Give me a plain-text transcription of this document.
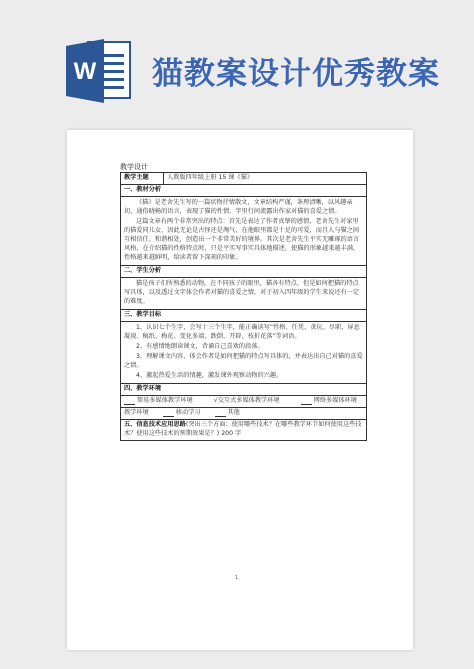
W 猫教案设计优秀教案
教学设计
教学主题	人教版四年级上册 15 课《猫》
一、教材分析

《猫》是老舍先生写的一篇状物抒情散文，文章结构严谨，条理清晰，以风趣亲切、通俗晓畅的语言，表现了猫的性情，字里行间流露出作家对猫的喜爱之情。

这篇文章有两个非常突出的特点：首先是表达了作者真挚的感情，老舍先生对家里的猫爱同儿女，因此无论是古怪还是淘气，在他眼里都是十足的可爱，而且人与猫之间互相信任、和谐相处，创造出一个非常美好的境界。其次是老舍先生平实无雕琢的语言风格，在介绍猫的性格特点时，只是平实写事实具体地描述，使猫的形象越来越丰满，性格越来越鲜明，给读者留下深刻的印象。

二、学生分析

猫是孩子们所熟悉的动物，在不同孩子的眼里，猫各有特点，但是如何把猫的特点写具体，以及透过文字体会作者对猫的喜爱之情，对于初入四年级的学生来说还有一定的难度。

三、教学目标

1、认识七个生字，会写十三个生字，能正确读写“性格、任凭、贪玩、尽职、屏息凝视、稿纸、梅花、变化多端、跌倒、开辟、枝折花落”等词语。

2、有感情地朗读课文，背诵自己喜欢的段落。

3、理解课文内容，体会作者是如何把猫的特点写具体的，并表达出自己对猫的喜爱之情。

4、激起热爱生活的情趣，激发课外观察动物的兴趣。

四、教学环境

简易多媒体教学环境	√交互式多媒体教学环境	网络多媒体环境

教学环境	移动学习	其他

五、信息技术应用思路(突出三个方面：使用哪些技术？在哪些教学环节如何使用这些技术？使用这些技术的预期效果是？) 200 字
1
